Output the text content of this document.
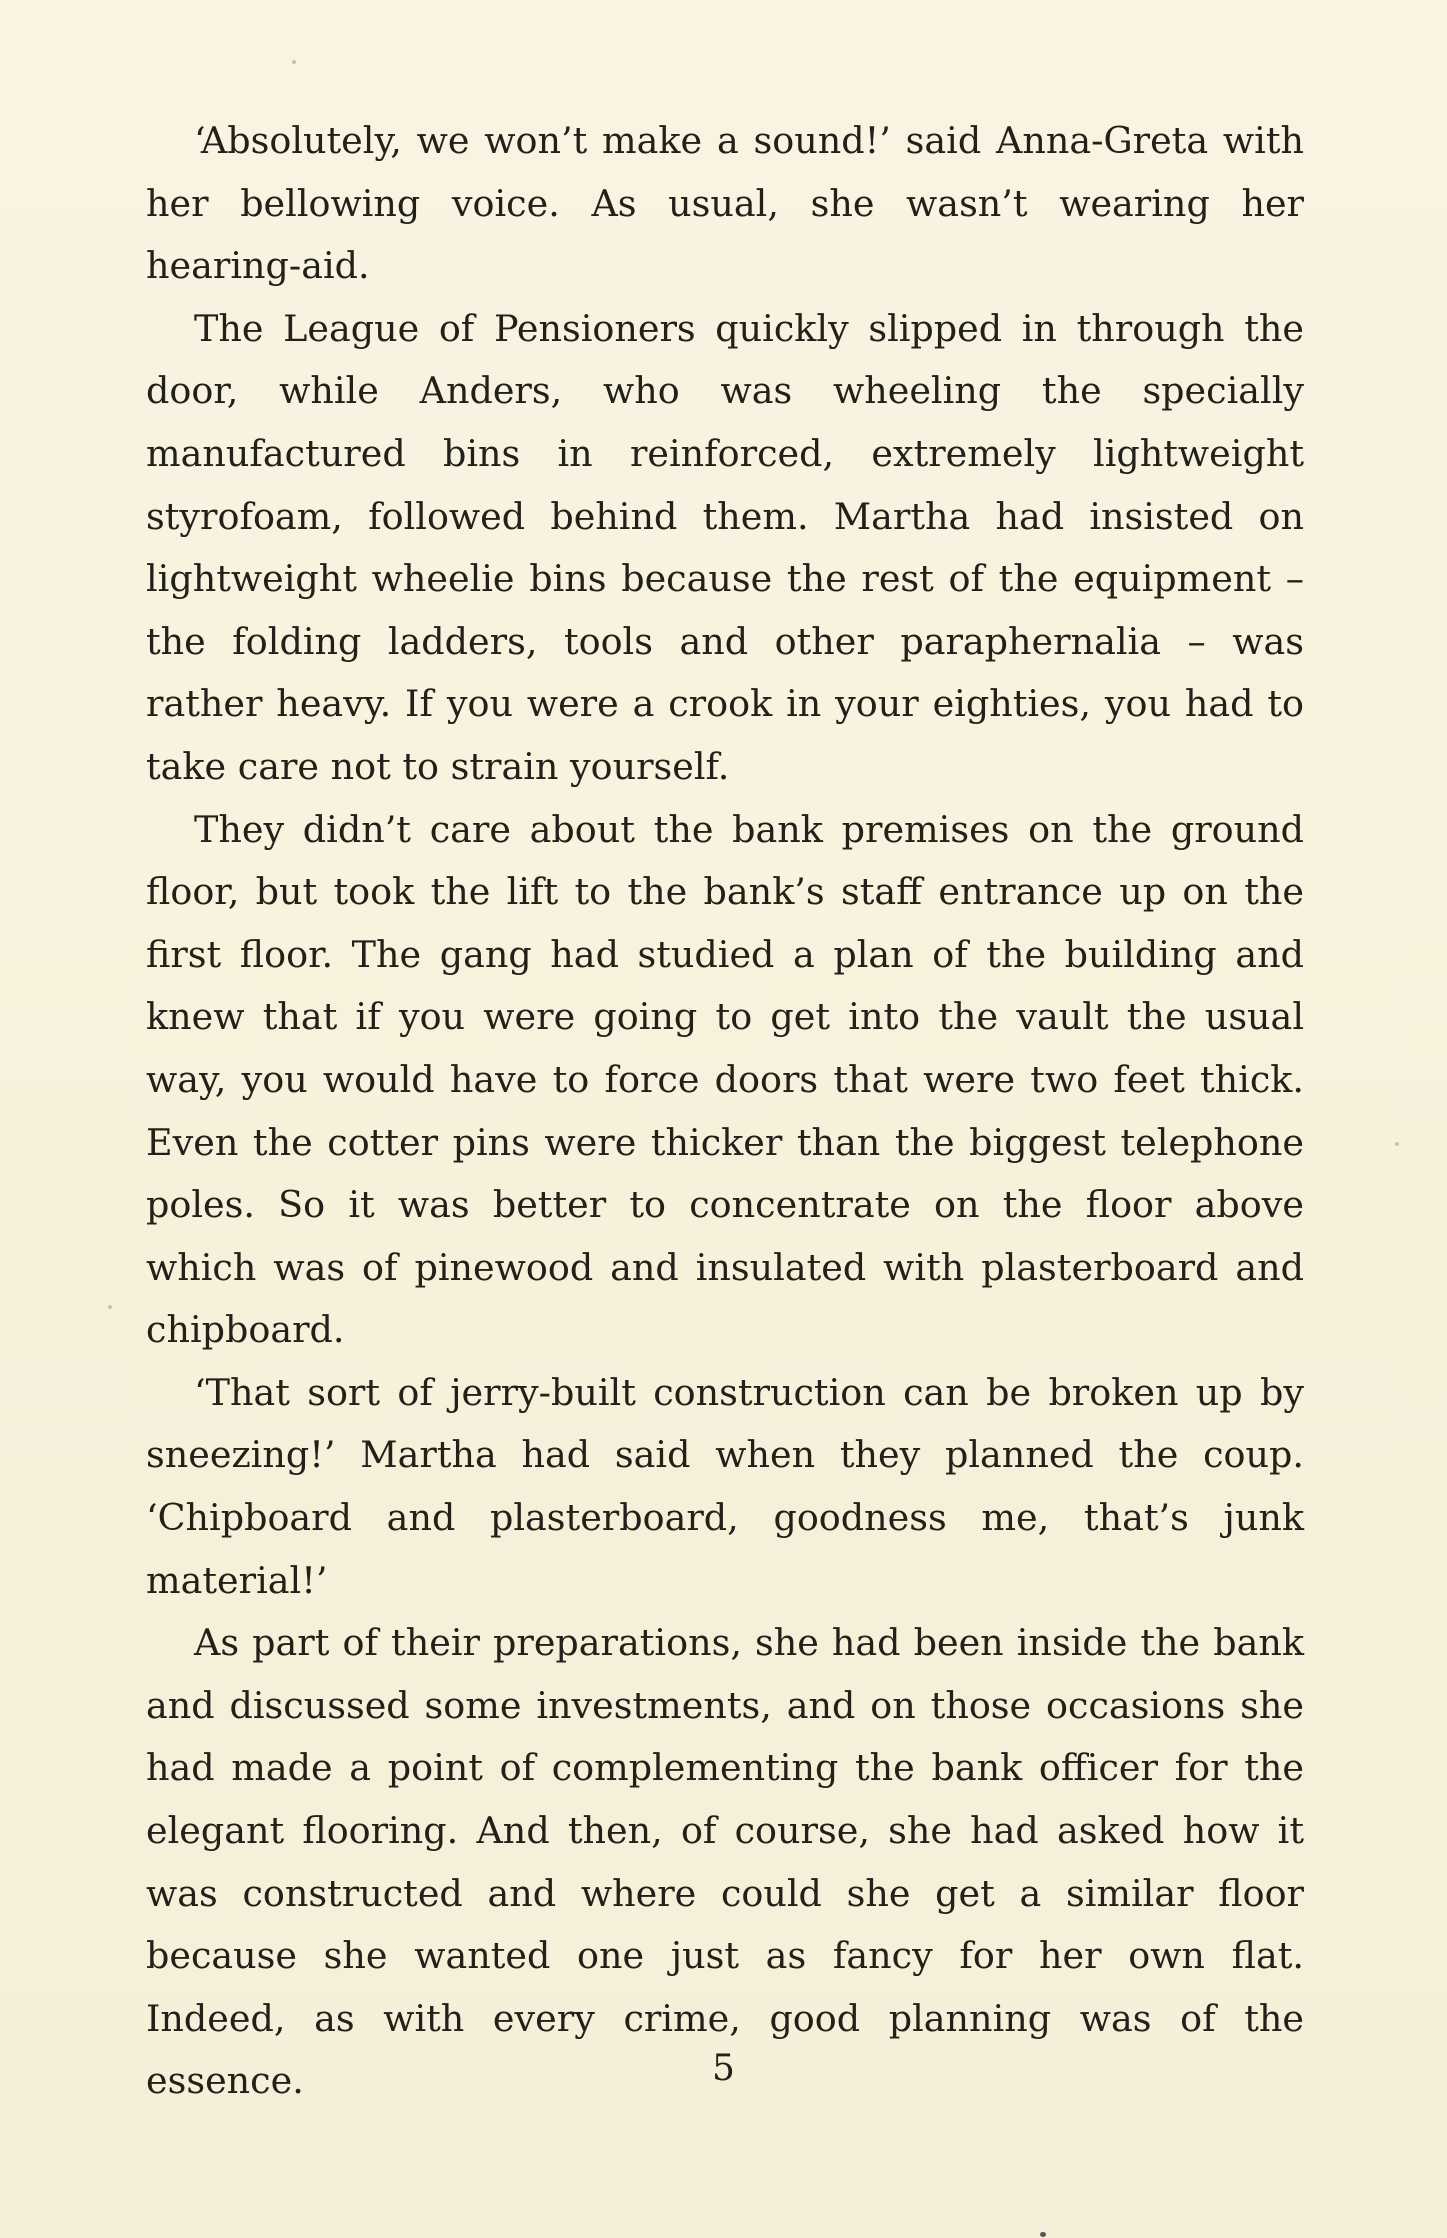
‘Absolutely, we won’t make a sound!’ said Anna-Greta with her bellowing voice. As usual, she wasn’t wearing her hearing-aid.

The League of Pensioners quickly slipped in through the door, while Anders, who was wheeling the specially manufactured bins in reinforced, extremely lightweight styrofoam, followed behind them. Martha had insisted on lightweight wheelie bins because the rest of the equipment – the folding ladders, tools and other paraphernalia – was rather heavy. If you were a crook in your eighties, you had to take care not to strain yourself.

They didn’t care about the bank premises on the ground floor, but took the lift to the bank’s staff entrance up on the first floor. The gang had studied a plan of the building and knew that if you were going to get into the vault the usual way, you would have to force doors that were two feet thick. Even the cotter pins were thicker than the biggest telephone poles. So it was better to concentrate on the floor above which was of pinewood and insulated with plasterboard and chipboard.

‘That sort of jerry-built construction can be broken up by sneezing!’ Martha had said when they planned the coup. ‘Chipboard and plasterboard, goodness me, that’s junk material!’

As part of their preparations, she had been inside the bank and discussed some investments, and on those occasions she had made a point of complementing the bank officer for the elegant flooring. And then, of course, she had asked how it was constructed and where could she get a similar floor because she wanted one just as fancy for her own flat. Indeed, as with every crime, good planning was of the essence.	5
